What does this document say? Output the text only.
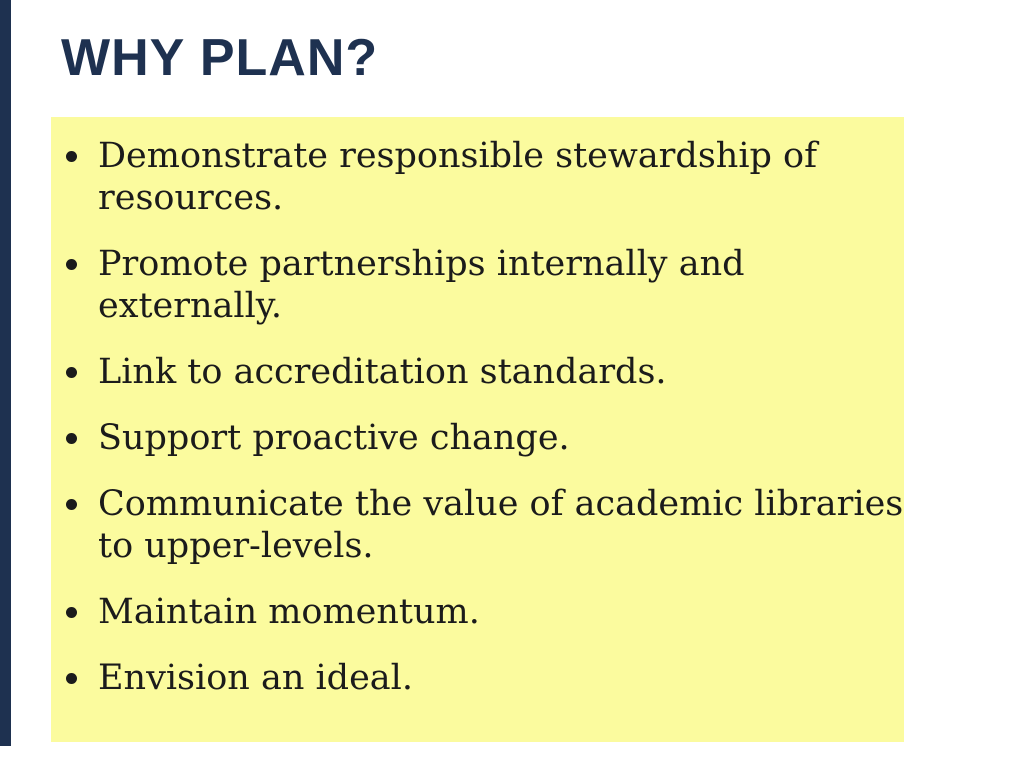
WHY PLAN?
Demonstrate responsible stewardship of
resources.
Promote partnerships internally and
externally.
Link to accreditation standards.
Support proactive change.
Communicate the value of academic libraries
to upper-levels.
Maintain momentum.
Envision an ideal.
